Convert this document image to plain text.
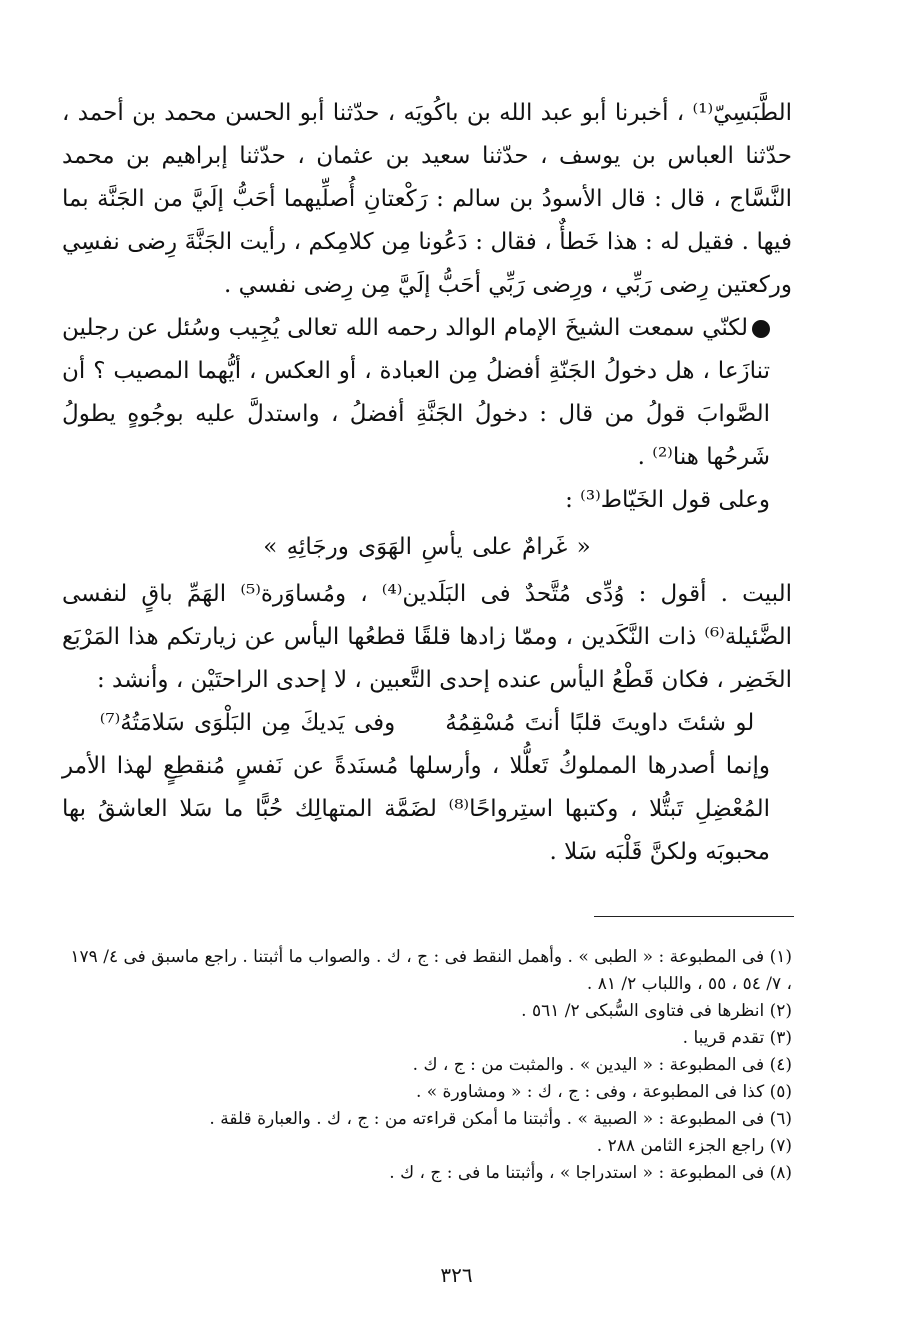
الطَّبَسِيّ⁽¹⁾ ، أخبرنا أبو عبد الله بن باكُويَه ، حدّثنا أبو الحسن محمد بن أحمد ، حدّثنا العباس بن يوسف ، حدّثنا سعيد بن عثمان ، حدّثنا إبراهيم بن محمد النَّسَّاج ، قال : قال الأسودُ بن سالم : رَكْعتانِ أُصلِّيهما أحَبُّ إلَيَّ من الجَنَّة بما فيها . فقيل له : هذا خَطأٌ ، فقال : دَعُونا مِن كلامِكم ، رأيت الجَنَّةَ رِضى نفسِي وركعتين رِضى رَبِّي ، ورِضى رَبِّي أحَبُّ إلَيَّ مِن رِضى نفسي .

لكنّي سمعت الشيخَ الإمام الوالد رحمه الله تعالى يُجِيب وسُئل عن رجلين تنازَعا ، هل دخولُ الجَنّةِ أفضلُ مِن العبادة ، أو العكس ، أيُّهما المصيب ؟ أن الصَّوابَ قولُ من قال : دخولُ الجَنَّةِ أفضلُ ، واستدلَّ عليه بوجُوهٍ يطولُ شَرحُها هنا⁽²⁾ .

وعلى قول الخَيّاط⁽³⁾ :

« غَرامٌ على يأسِ الهَوَى ورجَائِهِ »

البيت . أقول : وُدِّى مُتَّحدٌ فى البَلَدين⁽⁴⁾ ، ومُساوَرة⁽⁵⁾ الهَمِّ باقٍ لنفسى الضَّئيلة⁽⁶⁾ ذات النَّكَدين ، وممّا زادها قلقًا قطعُها اليأس عن زيارتكم هذا المَرْبَع الخَضِر ، فكان قَطْعُ اليأس عنده إحدى التَّعبين ، لا إحدى الراحتَيْن ، وأنشد :

لو شئتَ داويتَ قلبًا أنتَ مُسْقِمُهُوفى يَديكَ مِن البَلْوَى سَلامَتُهُ⁽⁷⁾

وإنما أصدرها المملوكُ تَعلُّلا ، وأرسلها مُسنَدةً عن نَفسٍ مُنقطِعٍ لهذا الأمر المُعْضِلِ تَبتُّلا ، وكتبها استِرواحًا⁽⁸⁾ لضَمَّة المتهالِك حُبًّا ما سَلا العاشقُ بها محبوبَه ولكنَّ قَلْبَه سَلا .

(١) فى المطبوعة : « الطبى » . وأهمل النقط فى : ج ، ك . والصواب ما أثبتنا . راجع ماسبق فى ٤/ ١٧٩ ، ٧/ ٥٤ ، ٥٥ ، واللباب ٢/ ٨١ .
(٢) انظرها فى فتاوى السُّبكى ٢/ ٥٦١ .
(٣) تقدم قريبا .
(٤) فى المطبوعة : « اليدين » . والمثبت من : ج ، ك .
(٥) كذا فى المطبوعة ، وفى : ج ، ك : « ومشاورة » .
(٦) فى المطبوعة : « الصبية » . وأثبتنا ما أمكن قراءته من : ج ، ك . والعبارة قلقة .
(٧) راجع الجزء الثامن ٢٨٨ .
(٨) فى المطبوعة : « استدراجا » ، وأثبتنا ما فى : ج ، ك .
٣٢٦
